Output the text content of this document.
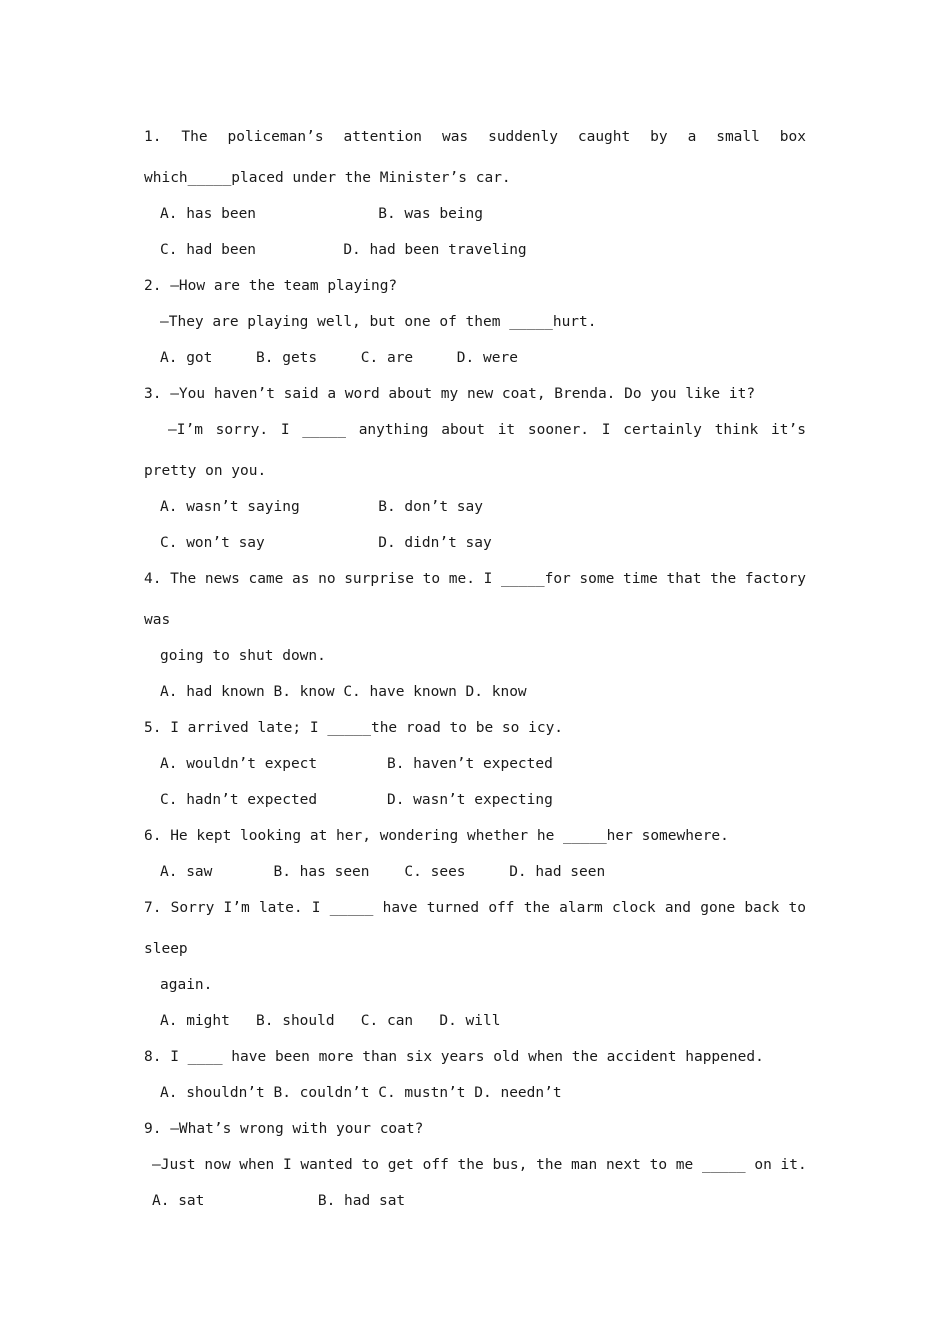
1. The policeman’s attention was suddenly caught by a small box
which_____placed under the Minister’s car.
A. has been              B. was being
C. had been          D. had been traveling
2. —How are the team playing?
—They are playing well, but one of them _____hurt.
A. got     B. gets     C. are     D. were
3. —You haven’t said a word about my new coat, Brenda. Do you like it?
—I’m sorry. I _____ anything about it sooner. I certainly think it’s
pretty on you.
A. wasn’t saying         B. don’t say
C. won’t say             D. didn’t say
4. The news came as no surprise to me. I _____for some time that the factory
was
going to shut down.
A. had known B. know C. have known D. know
5. I arrived late; I _____the road to be so icy.
A. wouldn’t expect        B. haven’t expected
C. hadn’t expected        D. wasn’t expecting
6. He kept looking at her, wondering whether he _____her somewhere.
A. saw       B. has seen    C. sees     D. had seen
7. Sorry I’m late. I _____ have turned off the alarm clock and gone back to
sleep
again.
A. might   B. should   C. can   D. will
8. I ____ have been more than six years old when the accident happened.
A. shouldn’t B. couldn’t C. mustn’t D. needn’t
9. —What’s wrong with your coat?
—Just now when I wanted to get off the bus, the man next to me _____ on it.
A. sat             B. had sat
